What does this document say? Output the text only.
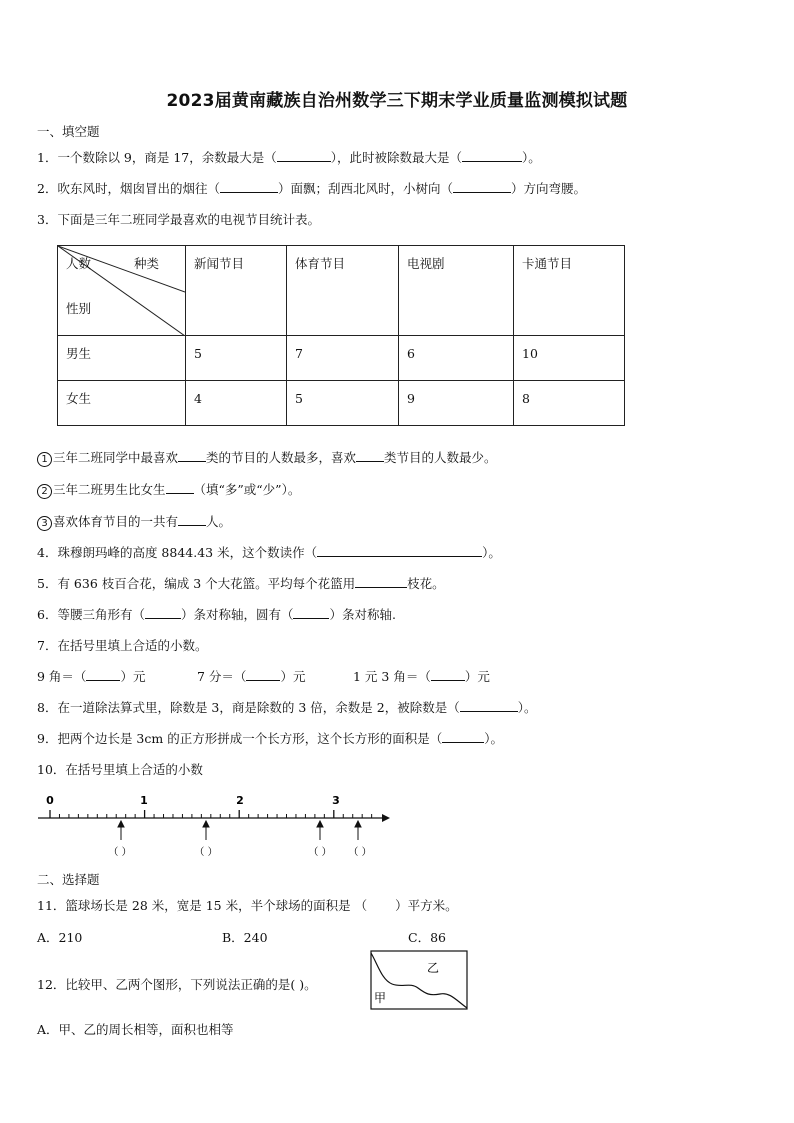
2023届黄南藏族自治州数学三下期末学业质量监测模拟试题
一、填空题
1．一个数除以 9，商是 17，余数最大是（	），此时被除数最大是（	）。
2．吹东风时，烟囱冒出的烟往（	）面飘；刮西北风时，小树向（	）方向弯腰。
3．下面是三年二班同学最喜欢的电视节目统计表。
人数 种类
性别	新闻节目	体育节目	电视剧	卡通节目
男生	5	7	6	10
女生	4	5	9	8
1 三年二班同学中最喜欢 类的节目的人数最多，喜欢 类节目的人数最少。
2 三年二班男生比女生 （填“多”或“少”）。
3 喜欢体育节目的一共有 人。
4．珠穆朗玛峰的高度 8844.43 米，这个数读作（	）。
5．有 636 枝百合花，编成 3 个大花篮。平均每个花篮用	枝花。
6．等腰三角形有（	）条对称轴，圆有（	）条对称轴.
7．在括号里填上合适的小数。
9 角＝（	）元	7 分＝（	）元	1 元 3 角＝（	）元
8．在一道除法算式里，除数是 3，商是除数的 3 倍，余数是 2，被除数是（	）。
9．把两个边长是 3cm 的正方形拼成一个长方形，这个长方形的面积是（	）。
10．在括号里填上合适的小数
0	1	2	3
（ ）	（ ）	（ ） （ ）
二、选择题
11．篮球场长是 28 米，宽是 15 米，半个球场的面积是 （ ）平方米。
A．210	B．240	C．86
12．比较甲、乙两个图形，下列说法正确的是( )。
甲
乙
A．甲、乙的周长相等，面积也相等
